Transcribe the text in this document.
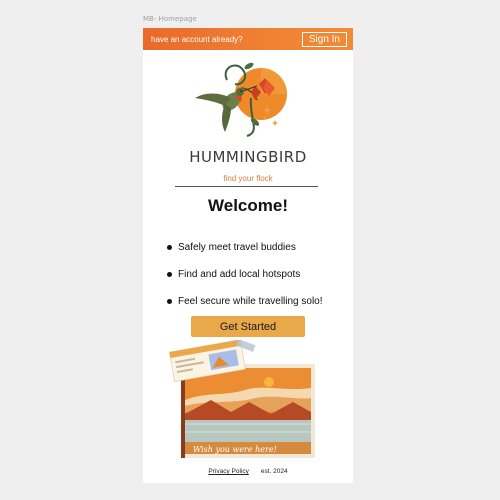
MB- Homepage
have an account already?	Sign In
HUMMINGBIRD
find your flock
Welcome!
Safely meet travel buddies
Find and add local hotspots
Feel secure while travelling solo!
Get Started
Wish you were here!
Privacy Policy est. 2024
